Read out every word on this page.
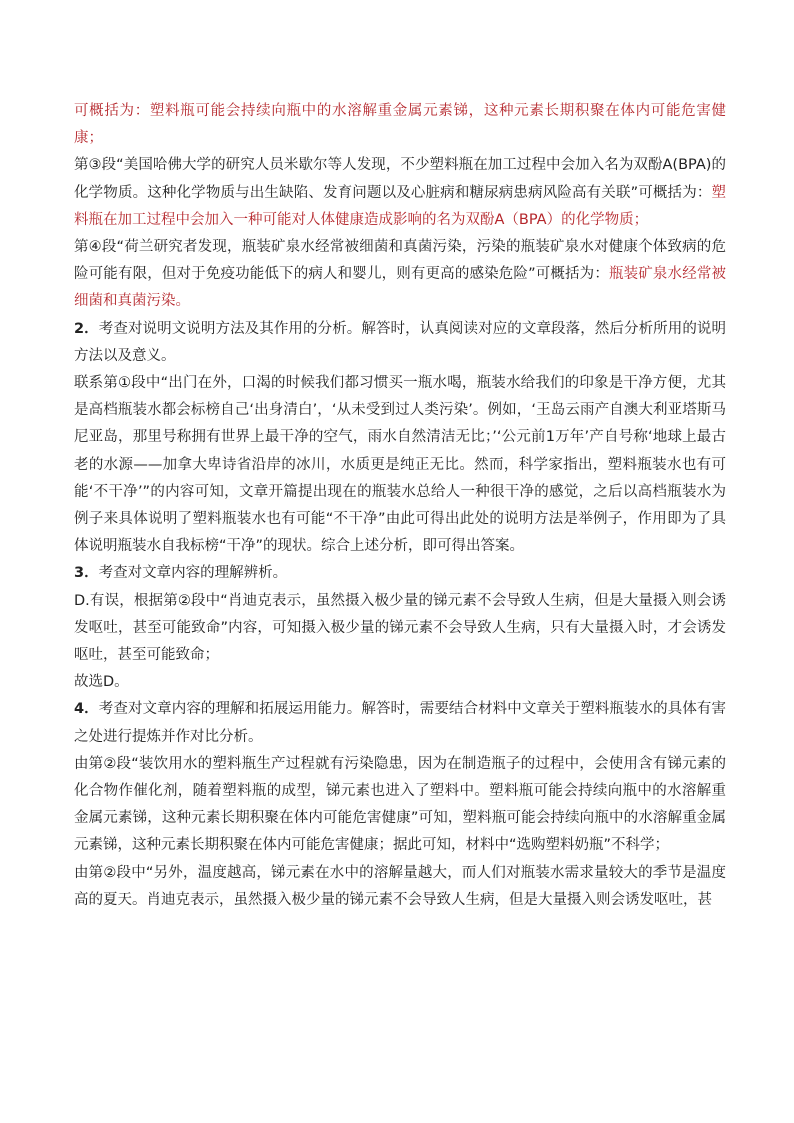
可概括为：塑料瓶可能会持续向瓶中的水溶解重金属元素锑，这种元素长期积聚在体内可能危害健康；

第③段“美国哈佛大学的研究人员米歇尔等人发现，不少塑料瓶在加工过程中会加入名为双酚A(BPA)的化学物质。这种化学物质与出生缺陷、发育问题以及心脏病和糖尿病患病风险高有关联”可概括为：塑料瓶在加工过程中会加入一种可能对人体健康造成影响的名为双酚A（BPA）的化学物质；

第④段“荷兰研究者发现，瓶装矿泉水经常被细菌和真菌污染，污染的瓶装矿泉水对健康个体致病的危险可能有限，但对于免疫功能低下的病人和婴儿，则有更高的感染危险”可概括为：瓶装矿泉水经常被细菌和真菌污染。

2．考查对说明文说明方法及其作用的分析。解答时，认真阅读对应的文章段落，然后分析所用的说明方法以及意义。

联系第①段中“出门在外，口渴的时候我们都习惯买一瓶水喝，瓶装水给我们的印象是干净方便，尤其是高档瓶装水都会标榜自己‘出身清白’，‘从未受到过人类污染’。例如，‘王岛云雨产自澳大利亚塔斯马尼亚岛，那里号称拥有世界上最干净的空气，雨水自然清洁无比；’‘公元前1万年’产自号称‘地球上最古老的水源——加拿大卑诗省沿岸的冰川，水质更是纯正无比。然而，科学家指出，塑料瓶装水也有可能‘不干净’”的内容可知，文章开篇提出现在的瓶装水总给人一种很干净的感觉，之后以高档瓶装水为例子来具体说明了塑料瓶装水也有可能“不干净”由此可得出此处的说明方法是举例子，作用即为了具体说明瓶装水自我标榜“干净”的现状。综合上述分析，即可得出答案。

3．考查对文章内容的理解辨析。

D.有误，根据第②段中“肖迪克表示，虽然摄入极少量的锑元素不会导致人生病，但是大量摄入则会诱发呕吐，甚至可能致命”内容，可知摄入极少量的锑元素不会导致人生病，只有大量摄入时，才会诱发呕吐，甚至可能致命；

故选D。

4．考查对文章内容的理解和拓展运用能力。解答时，需要结合材料中文章关于塑料瓶装水的具体有害之处进行提炼并作对比分析。

由第②段“装饮用水的塑料瓶生产过程就有污染隐患，因为在制造瓶子的过程中，会使用含有锑元素的化合物作催化剂，随着塑料瓶的成型，锑元素也进入了塑料中。塑料瓶可能会持续向瓶中的水溶解重金属元素锑，这种元素长期积聚在体内可能危害健康”可知，塑料瓶可能会持续向瓶中的水溶解重金属元素锑，这种元素长期积聚在体内可能危害健康；据此可知，材料中“选购塑料奶瓶”不科学；

由第②段中“另外，温度越高，锑元素在水中的溶解量越大，而人们对瓶装水需求量较大的季节是温度高的夏天。肖迪克表示，虽然摄入极少量的锑元素不会导致人生病，但是大量摄入则会诱发呕吐，甚
